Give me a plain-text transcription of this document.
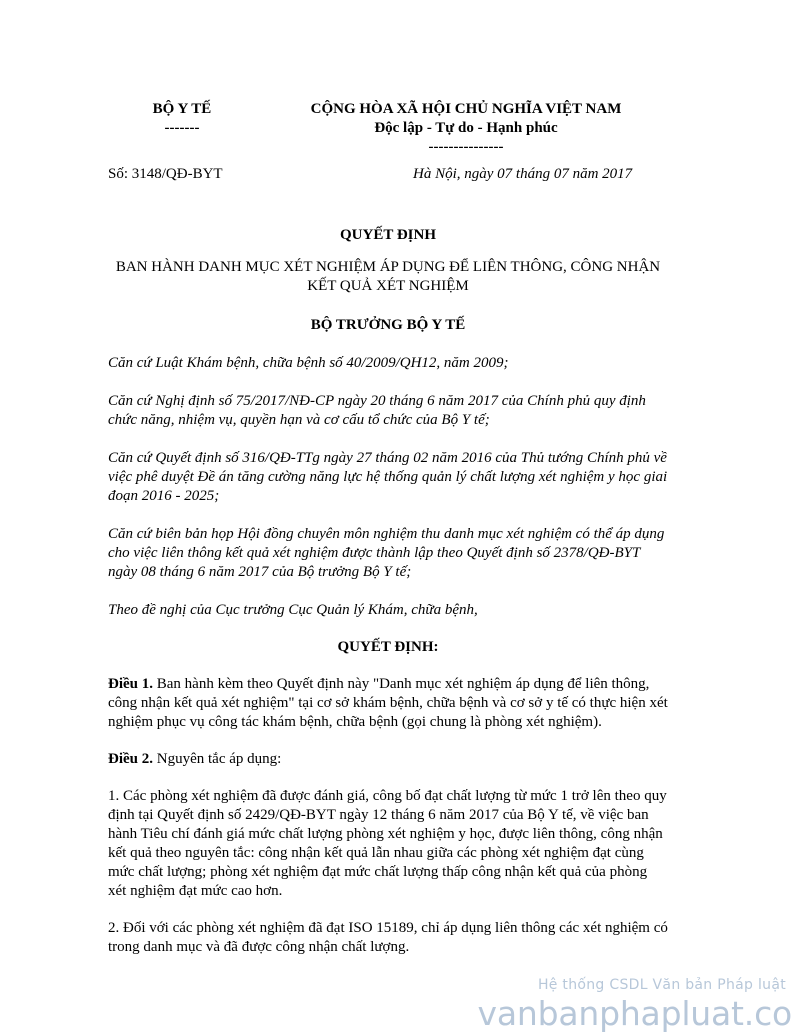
BỘ Y TẾ
-------
CỘNG HÒA XÃ HỘI CHỦ NGHĨA VIỆT NAM
Độc lập - Tự do - Hạnh phúc
---------------
Số: 3148/QĐ-BYT	Hà Nội, ngày 07 tháng 07 năm 2017
QUYẾT ĐỊNH
BAN HÀNH DANH MỤC XÉT NGHIỆM ÁP DỤNG ĐỂ LIÊN THÔNG, CÔNG NHẬN KẾT QUẢ XÉT NGHIỆM
BỘ TRƯỞNG BỘ Y TẾ

Căn cứ Luật Khám bệnh, chữa bệnh số 40/2009/QH12, năm 2009;

Căn cứ Nghị định số 75/2017/NĐ-CP ngày 20 tháng 6 năm 2017 của Chính phủ quy định chức năng, nhiệm vụ, quyền hạn và cơ cấu tổ chức của Bộ Y tế;

Căn cứ Quyết định số 316/QĐ-TTg ngày 27 tháng 02 năm 2016 của Thủ tướng Chính phủ về việc phê duyệt Đề án tăng cường năng lực hệ thống quản lý chất lượng xét nghiệm y học giai đoạn 2016 - 2025;

Căn cứ biên bản họp Hội đồng chuyên môn nghiệm thu danh mục xét nghiệm có thể áp dụng cho việc liên thông kết quả xét nghiệm được thành lập theo Quyết định số 2378/QĐ-BYT ngày 08 tháng 6 năm 2017 của Bộ trưởng Bộ Y tế;

Theo đề nghị của Cục trưởng Cục Quản lý Khám, chữa bệnh,

QUYẾT ĐỊNH:

Điều 1. Ban hành kèm theo Quyết định này "Danh mục xét nghiệm áp dụng để liên thông, công nhận kết quả xét nghiệm" tại cơ sở khám bệnh, chữa bệnh và cơ sở y tế có thực hiện xét nghiệm phục vụ công tác khám bệnh, chữa bệnh (gọi chung là phòng xét nghiệm).

Điều 2. Nguyên tắc áp dụng:

1. Các phòng xét nghiệm đã được đánh giá, công bố đạt chất lượng từ mức 1 trở lên theo quy định tại Quyết định số 2429/QĐ-BYT ngày 12 tháng 6 năm 2017 của Bộ Y tế, về việc ban hành Tiêu chí đánh giá mức chất lượng phòng xét nghiệm y học, được liên thông, công nhận kết quả theo nguyên tắc: công nhận kết quả lẫn nhau giữa các phòng xét nghiệm đạt cùng mức chất lượng; phòng xét nghiệm đạt mức chất lượng thấp công nhận kết quả của phòng xét nghiệm đạt mức cao hơn.

2. Đối với các phòng xét nghiệm đã đạt ISO 15189, chỉ áp dụng liên thông các xét nghiệm có trong danh mục và đã được công nhận chất lượng.

Hệ thống CSDL Văn bản Pháp luật
vanbanphapluat.co
